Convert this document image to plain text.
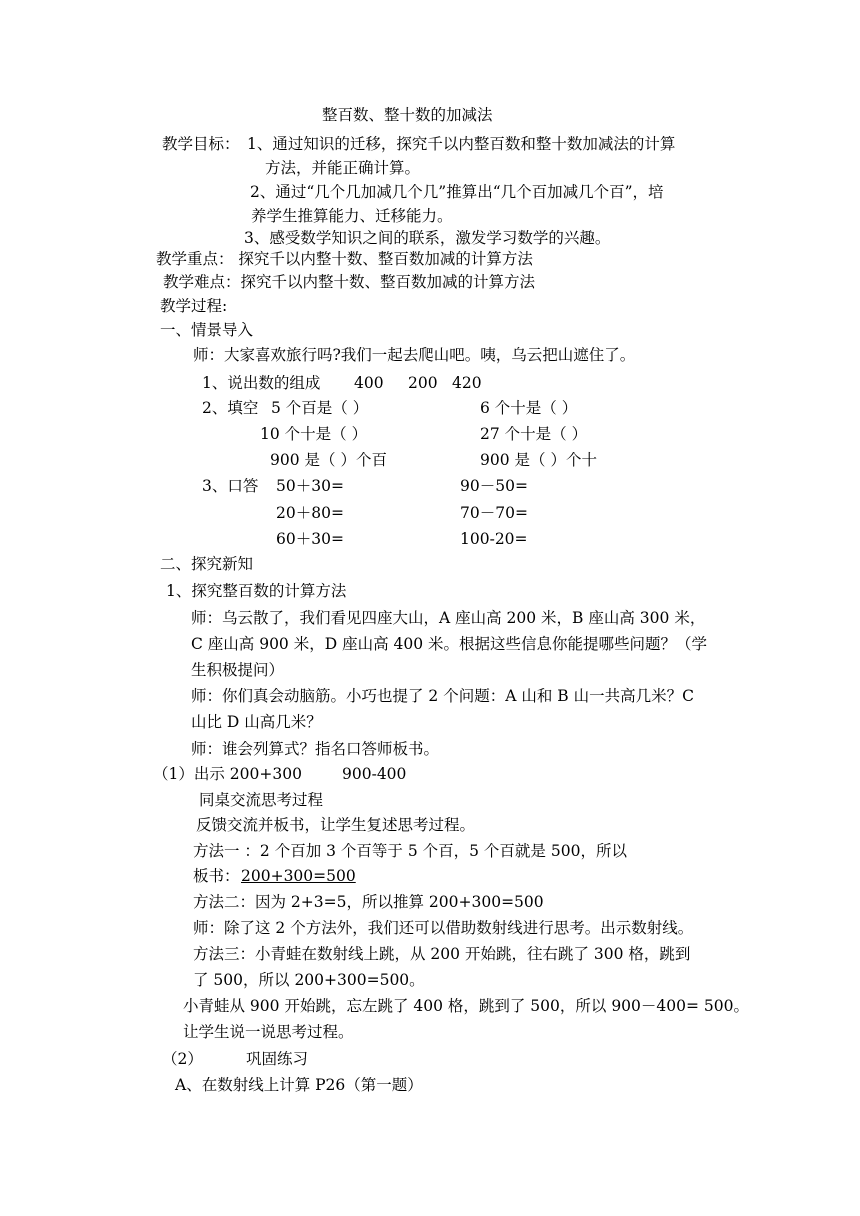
整百数、整十数的加减法
教学目标： 1、通过知识的迁移，探究千以内整百数和整十数加减法的计算
方法，并能正确计算。
2、通过“几个几加减几个几”推算出“几个百加减几个百”，培
养学生推算能力、迁移能力。
3、感受数学知识之间的联系，激发学习数学的兴趣。
教学重点： 探究千以内整十数、整百数加减的计算方法
教学难点：探究千以内整十数、整百数加减的计算方法
教学过程:
一、情景导入
师：大家喜欢旅行吗?我们一起去爬山吧。咦，乌云把山遮住了。
1、说出数的组成 400 200 420
2、填空 5 个百是（ ）	6 个十是（ ）
10 个十是（ ）	27 个十是（ ）
900 是（ ）个百	900 是（ ）个十
3、口答 50＋30=	90－50=
20＋80=	70－70=
60＋30=	100-20=
二、探究新知
1、探究整百数的计算方法
师：乌云散了，我们看见四座大山，A 座山高 200 米，B 座山高 300 米，
C 座山高 900 米，D 座山高 400 米。根据这些信息你能提哪些问题？（学
生积极提问）
师：你们真会动脑筋。小巧也提了 2 个问题：A 山和 B 山一共高几米？C
山比 D 山高几米？
师：谁会列算式？指名口答师板书。
（1）出示 200+300	900-400
同桌交流思考过程
反馈交流并板书，让学生复述思考过程。
方法一 ：2 个百加 3 个百等于 5 个百，5 个百就是 500，所以
板书： 200+300=500
方法二：因为 2+3=5，所以推算 200+300=500
师：除了这 2 个方法外，我们还可以借助数射线进行思考。出示数射线。
方法三：小青蛙在数射线上跳，从 200 开始跳，往右跳了 300 格，跳到
了 500，所以 200+300=500。
小青蛙从 900 开始跳，忘左跳了 400 格，跳到了 500，所以 900－400= 500。
让学生说一说思考过程。
（2）	巩固练习
A、在数射线上计算 P26（第一题）
